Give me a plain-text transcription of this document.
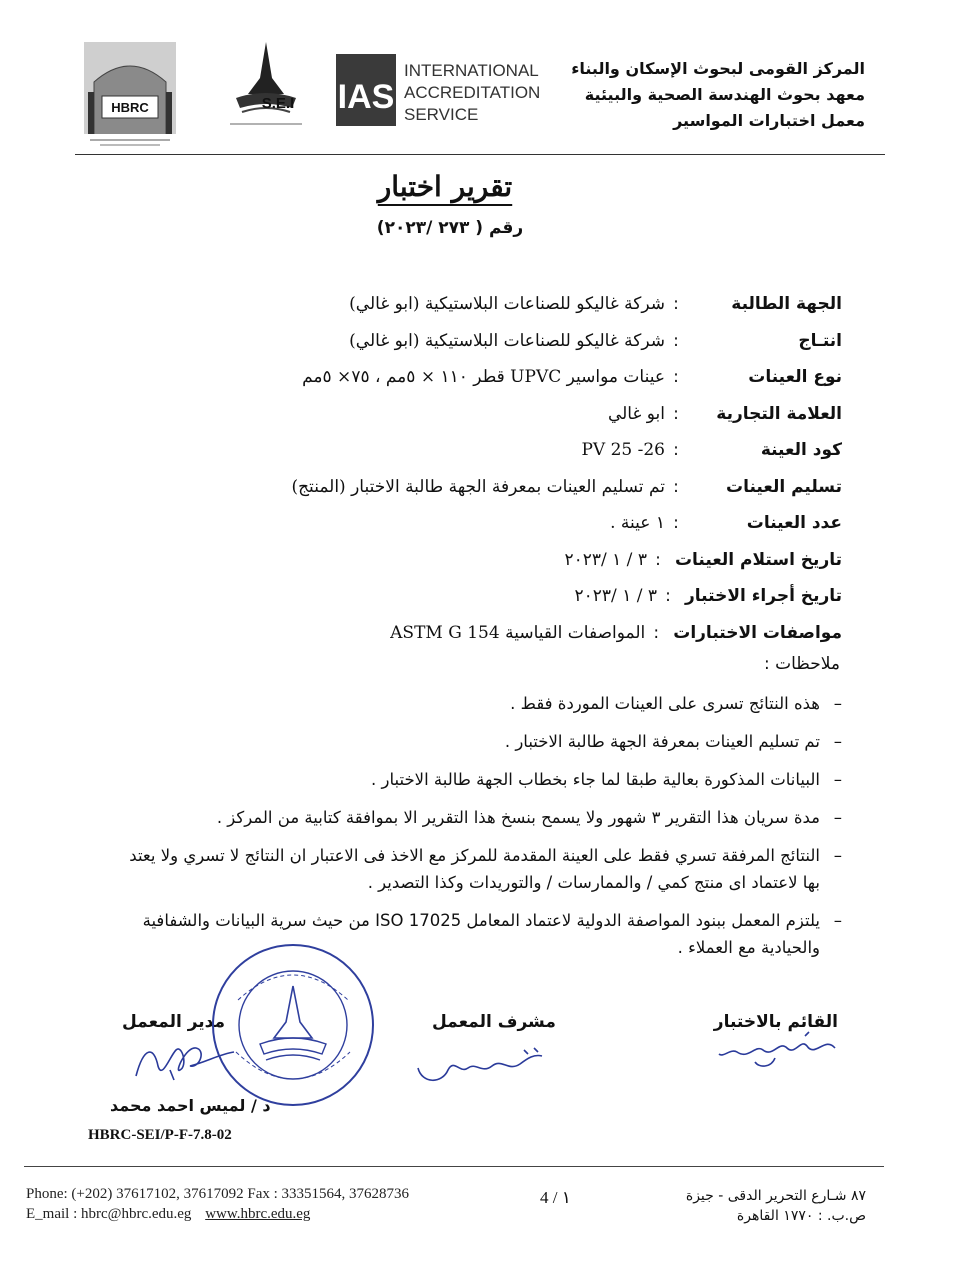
المركز القومى لبحوث الإسكان والبناء
معهد بحوث الهندسة الصحية والبيئية
معمل اختبارات المواسير
HBRC	S.E.I IAS
INTERNATIONAL
ACCREDITATION
SERVICE
تقرير اختبار
رقم ( ٢٧٣ /٢٠٢٣)
الجهة الطالبة
:
شركة غاليكو للصناعات البلاستيكية (ابو غالي)
انتـاج
:
شركة غاليكو للصناعات البلاستيكية (ابو غالي)
نوع العينات
:
عينات مواسير UPVC قطر ١١٠ × ٥مم ، ٧٥× ٥مم
العلامة التجارية
:
ابو غالي
كود العينة
:
PV 25 -26
تسليم العينات
:
تم تسليم العينات بمعرفة الجهة طالبة الاختبار (المنتج)
عدد العينات
:
١ عينة .
تاريخ استلام العينات
:
٣ / ١ /٢٠٢٣
تاريخ أجراء الاختبار
:
٣ / ١ /٢٠٢٣
مواصفات الاختبارات
:
المواصفات القياسية ASTM G 154
ملاحظات :
–
هذه النتائج تسرى على العينات الموردة فقط .
–
تم تسليم العينات بمعرفة الجهة طالبة الاختبار .
–
البيانات المذكورة بعالية طبقا لما جاء بخطاب الجهة طالبة الاختبار .
–
مدة سريان هذا التقرير ٣ شهور ولا يسمح بنسخ هذا التقرير الا بموافقة كتابية من المركز .
–
النتائج المرفقة تسري فقط على العينة المقدمة للمركز مع الاخذ فى الاعتبار ان النتائج لا تسري ولا يعتد بها لاعتماد اى منتج كمي / والممارسات / والتوريدات وكذا التصدير .
–
يلتزم المعمل ببنود المواصفة الدولية لاعتماد المعامل ISO 17025 من حيث سرية البيانات والشفافية والحيادية مع العملاء .
القائم بالاختبار
مشرف المعمل
مدير المعمل
د / لميس احمد محمد
HBRC-SEI/P-F-7.8-02
Phone: (+202) 37617102, 37617092 Fax : 33351564, 37628736
E_mail : hbrc@hbrc.edu.eg www.hbrc.edu.eg
4 / ١	٨٧ شـارع التحرير الدقى - جيزة
ص.ب. : ١٧٧٠ القاهرة
